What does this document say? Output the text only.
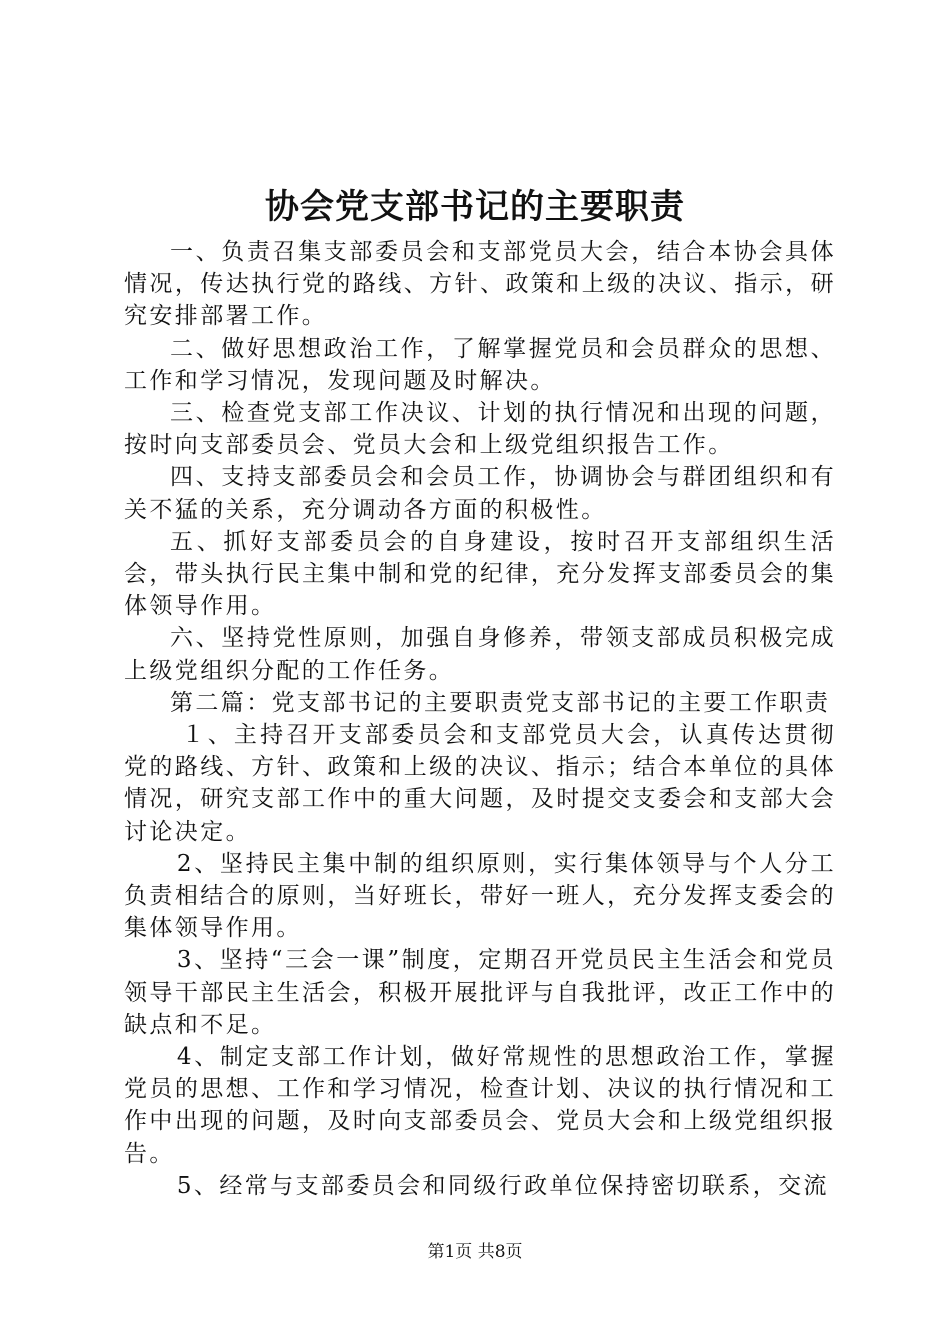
协会党支部书记的主要职责

一、负责召集支部委员会和支部党员大会，结合本协会具体情况，传达执行党的路线、方针、政策和上级的决议、指示，研究安排部署工作。

二、做好思想政治工作，了解掌握党员和会员群众的思想、工作和学习情况，发现问题及时解决。

三、检查党支部工作决议、计划的执行情况和出现的问题，按时向支部委员会、党员大会和上级党组织报告工作。

四、支持支部委员会和会员工作，协调协会与群团组织和有关不猛的关系，充分调动各方面的积极性。

五、抓好支部委员会的自身建设，按时召开支部组织生活会，带头执行民主集中制和党的纪律，充分发挥支部委员会的集体领导作用。

六、坚持党性原则，加强自身修养，带领支部成员积极完成上级党组织分配的工作任务。

第二篇：党支部书记的主要职责党支部书记的主要工作职责

１、主持召开支部委员会和支部党员大会，认真传达贯彻党的路线、方针、政策和上级的决议、指示；结合本单位的具体情况，研究支部工作中的重大问题，及时提交支委会和支部大会讨论决定。

2、坚持民主集中制的组织原则，实行集体领导与个人分工负责相结合的原则，当好班长，带好一班人，充分发挥支委会的集体领导作用。

3、坚持“三会一课”制度，定期召开党员民主生活会和党员领导干部民主生活会，积极开展批评与自我批评，改正工作中的缺点和不足。

4、制定支部工作计划，做好常规性的思想政治工作，掌握党员的思想、工作和学习情况，检查计划、决议的执行情况和工作中出现的问题，及时向支部委员会、党员大会和上级党组织报告。

5、经常与支部委员会和同级行政单位保持密切联系，交流

第1页 共8页
